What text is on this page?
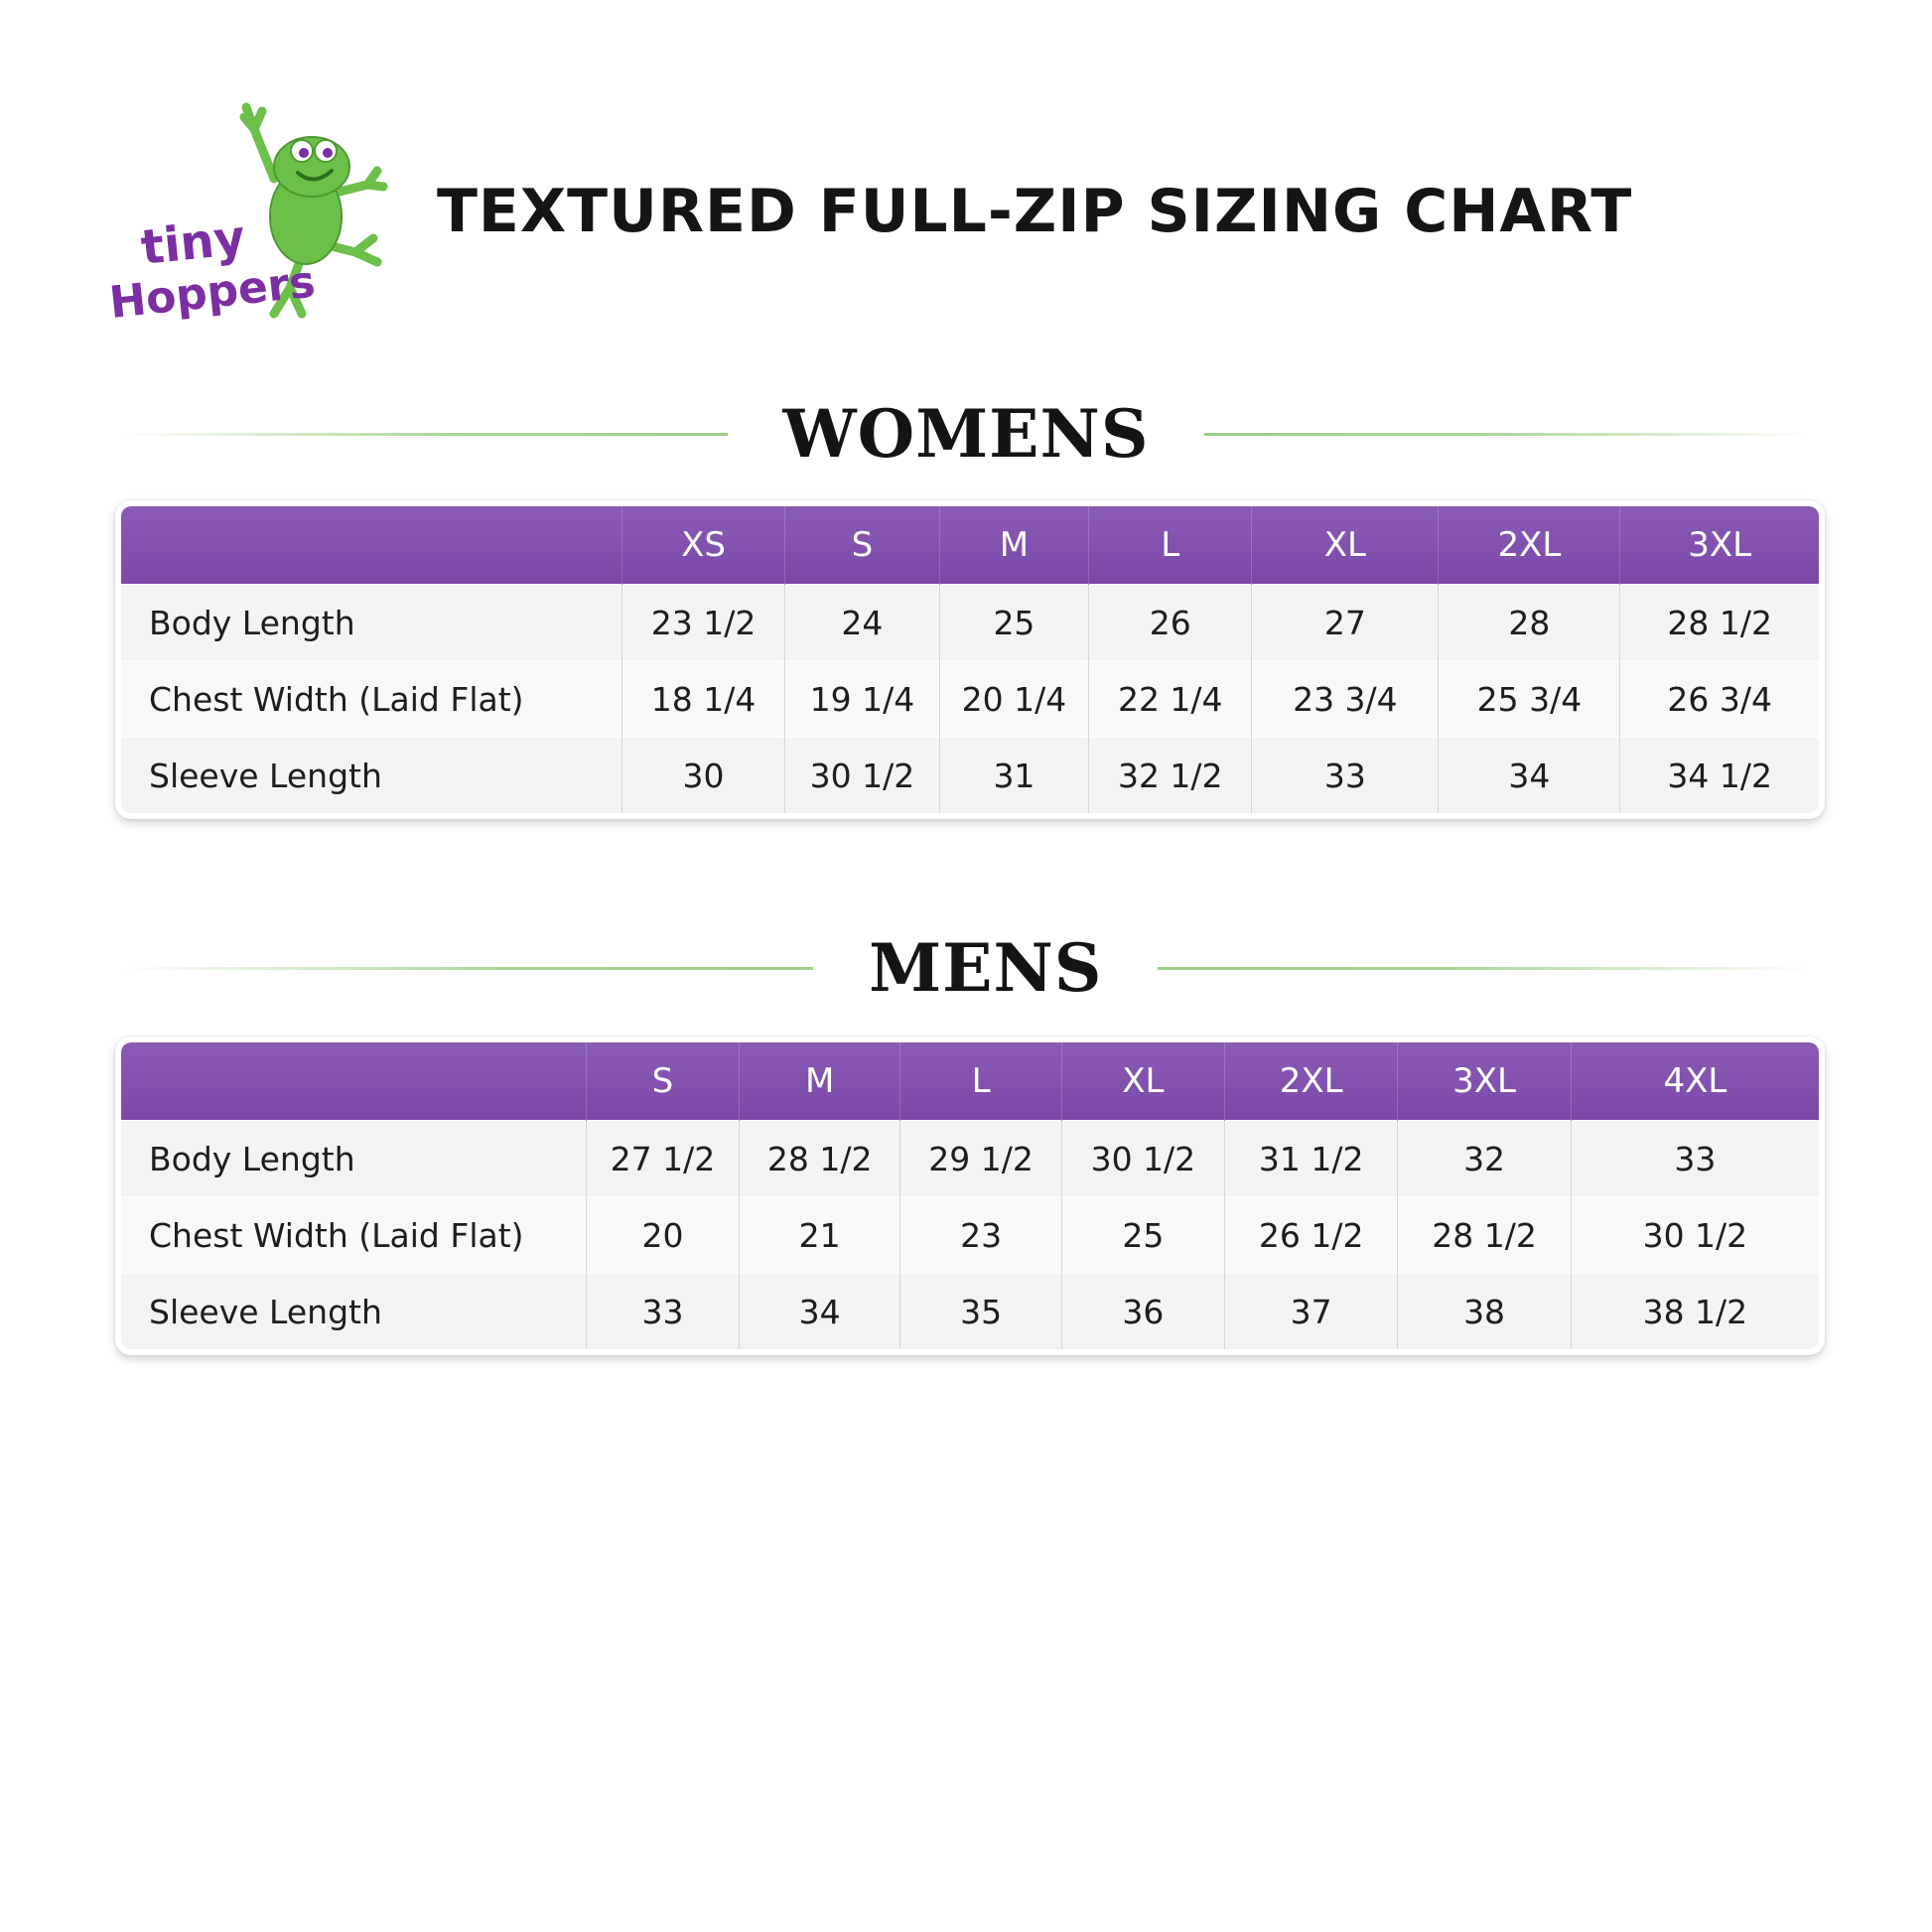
tiny
Hoppers
TEXTURED FULL-ZIP SIZING CHART
WOMENS
	XS	S	M	L	XL	2XL	3XL
Body Length	23 1/2	24	25	26	27	28	28 1/2
Chest Width (Laid Flat)	18 1/4	19 1/4	20 1/4	22 1/4	23 3/4	25 3/4	26 3/4
Sleeve Length	30	30 1/2	31	32 1/2	33	34	34 1/2
MENS
	S	M	L	XL	2XL	3XL	4XL
Body Length	27 1/2	28 1/2	29 1/2	30 1/2	31 1/2	32	33
Chest Width (Laid Flat)	20	21	23	25	26 1/2	28 1/2	30 1/2
Sleeve Length	33	34	35	36	37	38	38 1/2
